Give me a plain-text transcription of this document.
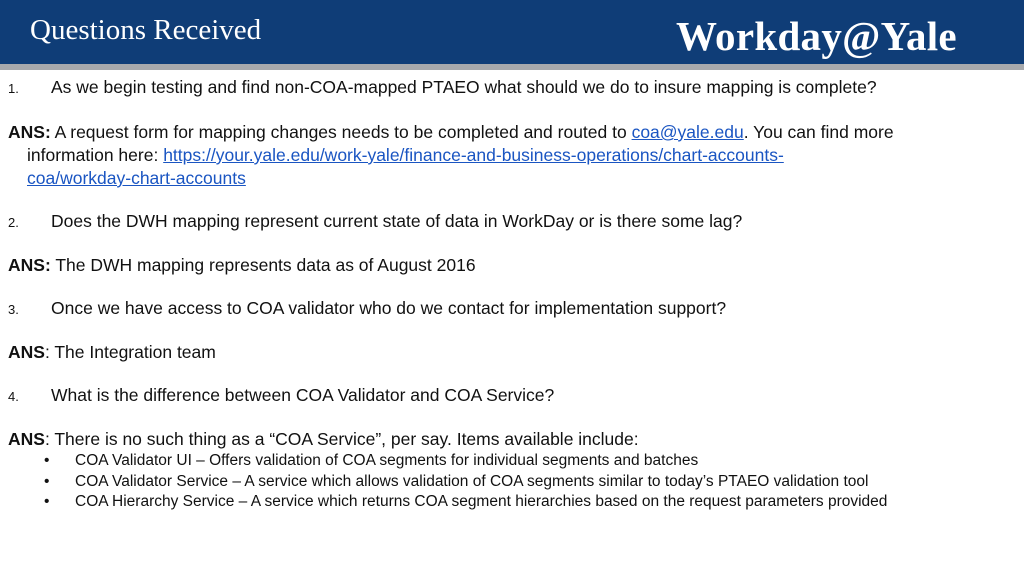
Questions Received	Workday@Yale
1. As we begin testing and find non-COA-mapped PTAEO what should we do to insure mapping is complete?
ANS: A request form for mapping changes needs to be completed and routed to coa@yale.edu. You can find more
information here: https://your.yale.edu/work-yale/finance-and-business-operations/chart-accounts-
coa/workday-chart-accounts
2. Does the DWH mapping represent current state of data in WorkDay or is there some lag?
ANS: The DWH mapping represents data as of August 2016
3. Once we have access to COA validator who do we contact for implementation support?
ANS: The Integration team
4. What is the difference between COA Validator and COA Service?
ANS: There is no such thing as a “COA Service”, per say. Items available include:
• COA Validator UI – Offers validation of COA segments for individual segments and batches
• COA Validator Service – A service which allows validation of COA segments similar to today’s PTAEO validation tool
• COA Hierarchy Service – A service which returns COA segment hierarchies based on the request parameters provided
